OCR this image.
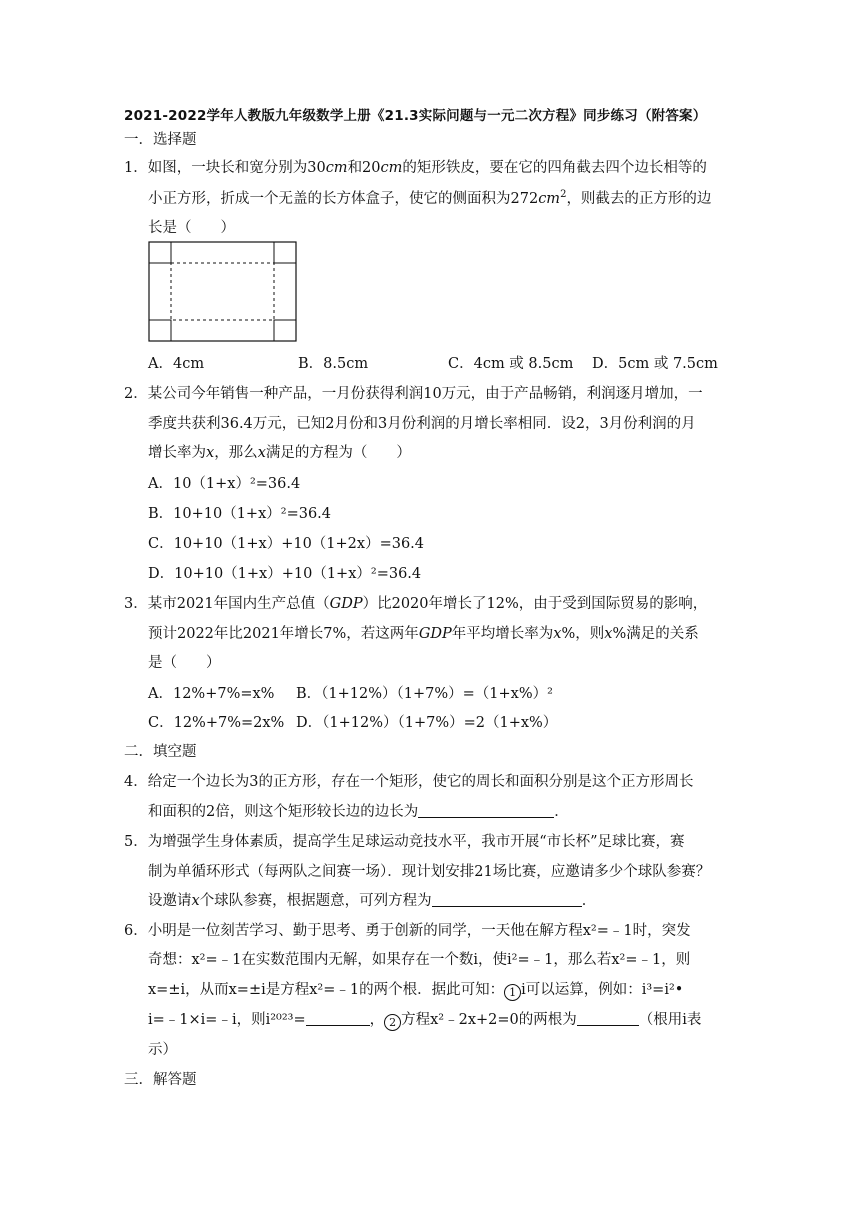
2021-2022学年人教版九年级数学上册《21.3实际问题与一元二次方程》同步练习（附答案）
一．选择题
1．如图，一块长和宽分别为30cm和20cm的矩形铁皮，要在它的四角截去四个边长相等的
小正方形，折成一个无盖的长方体盒子，使它的侧面积为$272cm^2$，则截去的正方形的边
长是（　　）
A．4cm	B．8.5cm	C．4cm 或 8.5cm D．5cm 或 7.5cm
2．某公司今年销售一种产品，一月份获得利润10万元，由于产品畅销，利润逐月增加，一
季度共获利36.4万元，已知2月份和3月份利润的月增长率相同．设2，3月份利润的月
增长率为x，那么x满足的方程为（　　）
A．10（1+x）²=36.4
B．10+10（1+x）²=36.4
C．10+10（1+x）+10（1+2x）=36.4
D．10+10（1+x）+10（1+x）²=36.4
3．某市2021年国内生产总值（GDP）比2020年增长了12%，由于受到国际贸易的影响，
预计2022年比2021年增长7%，若这两年GDP年平均增长率为x%，则x%满足的关系
是（　　）
A．12%+7%=x% B．（1+12%）（1+7%）=（1+x%）²
C．12%+7%=2x% D．（1+12%）（1+7%）=2（1+x%）
二．填空题
4．给定一个边长为3的正方形，存在一个矩形，使它的周长和面积分别是这个正方形周长
和面积的2倍，则这个矩形较长边的边长为	．
5．为增强学生身体素质，提高学生足球运动竞技水平，我市开展“市长杯”足球比赛，赛
制为单循环形式（每两队之间赛一场）．现计划安排21场比赛，应邀请多少个球队参赛？
设邀请x个球队参赛，根据题意，可列方程为	．
6．小明是一位刻苦学习、勤于思考、勇于创新的同学，一天他在解方程x²=﹣1时，突发
奇想：x²=﹣1在实数范围内无解，如果存在一个数i，使i²=﹣1，那么若x²=﹣1，则
x=±i，从而x=±i是方程x²=﹣1的两个根．据此可知： 1 i可以运算，例如：i³=i²•
i=﹣1×i=﹣i，则i²⁰²³=	， 2 方程x²﹣2x+2=0的两根为	（根用i表
示）
三．解答题
